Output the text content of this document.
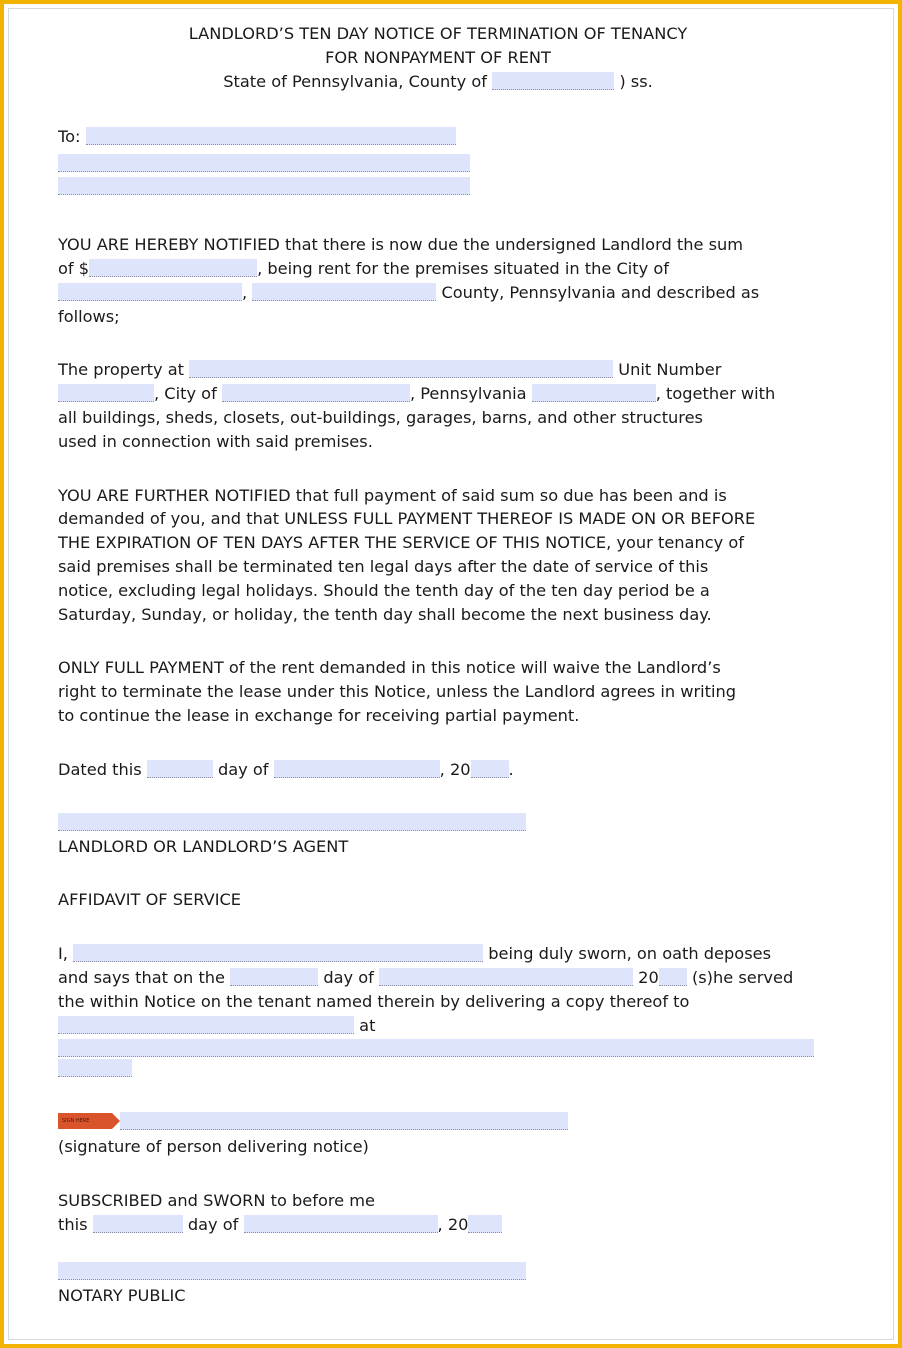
LANDLORD’S TEN DAY NOTICE OF TERMINATION OF TENANCY

FOR NONPAYMENT OF RENT

State of Pennsylvania, County of	) ss.

To:

YOU ARE HEREBY NOTIFIED that there is now due the undersigned Landlord the sum

of $	, being rent for the premises situated in the City of

,	County, Pennsylvania and described as

follows;

The property at	Unit Number

, City of	, Pennsylvania	, together with

all buildings, sheds, closets, out-buildings, garages, barns, and other structures

used in connection with said premises.

YOU ARE FURTHER NOTIFIED that full payment of said sum so due has been and is

demanded of you, and that UNLESS FULL PAYMENT THEREOF IS MADE ON OR BEFORE

THE EXPIRATION OF TEN DAYS AFTER THE SERVICE OF THIS NOTICE, your tenancy of

said premises shall be terminated ten legal days after the date of service of this

notice, excluding legal holidays. Should the tenth day of the ten day period be a

Saturday, Sunday, or holiday, the tenth day shall become the next business day.

ONLY FULL PAYMENT of the rent demanded in this notice will waive the Landlord’s

right to terminate the lease under this Notice, unless the Landlord agrees in writing

to continue the lease in exchange for receiving partial payment.

Dated this	day of	, 20 .

LANDLORD OR LANDLORD’S AGENT

AFFIDAVIT OF SERVICE

I,	being duly sworn, on oath deposes

and says that on the	day of	20 (s)he served

the within Notice on the tenant named therein by delivering a copy thereof to

at

SIGN HERE

(signature of person delivering notice)

SUBSCRIBED and SWORN to before me

this	day of	, 20

NOTARY PUBLIC
